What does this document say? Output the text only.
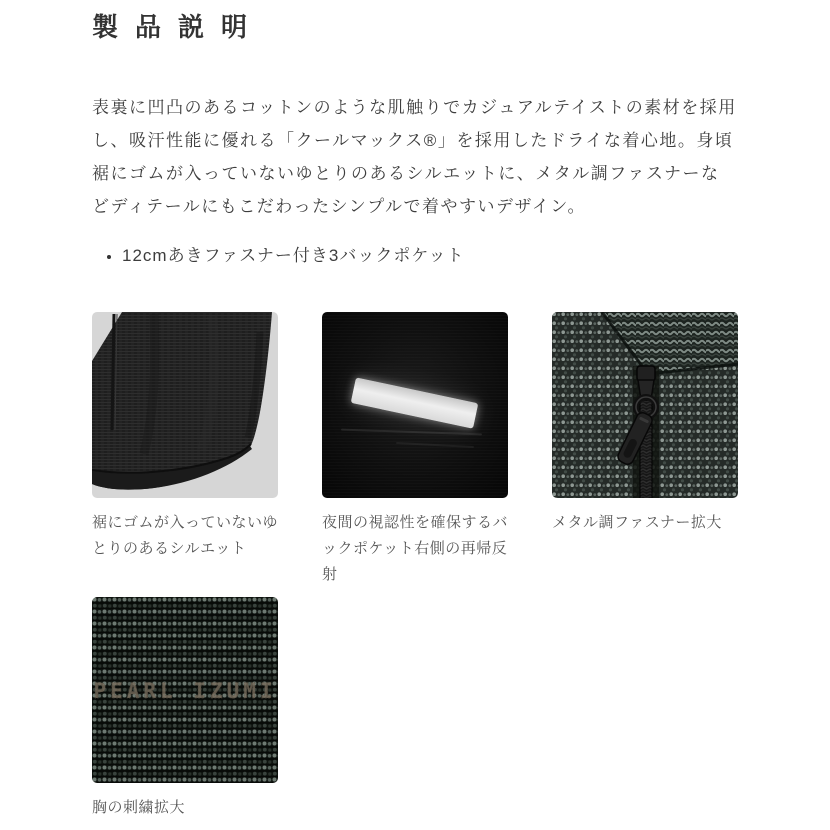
製品説明

表裏に凹凸のあるコットンのような肌触りでカジュアルテイストの素材を採用し、吸汗性能に優れる「クールマックス®」を採用したドライな着心地。身頃裾にゴムが入っていないゆとりのあるシルエットに、メタル調ファスナーなどディテールにもこだわったシンプルで着やすいデザイン。

• 12cmあきファスナー付き3バックポケット
裾にゴムが入っていないゆとりのあるシルエット
夜間の視認性を確保するバックポケット右側の再帰反射
メタル調ファスナー拡大
PEARL IZUMI
胸の刺繍拡大
